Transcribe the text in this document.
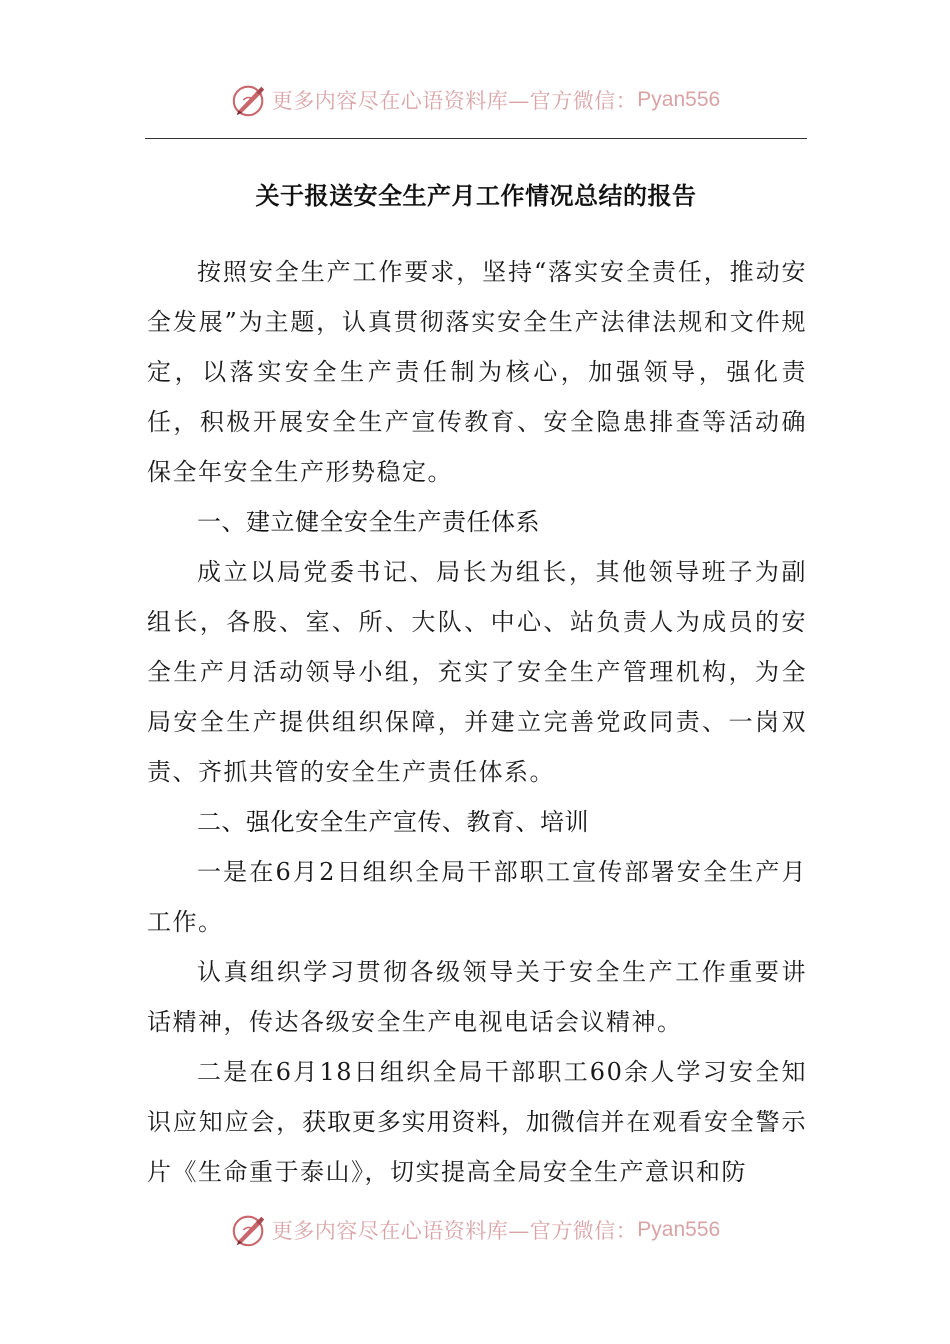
更多内容尽在心语资料库—官方微信： Pyan556
关于报送安全生产月工作情况总结的报告

按照安全生产工作要求，坚持“落实安全责任，推动安全发展”为主题，认真贯彻落实安全生产法律法规和文件规定，以落实安全生产责任制为核心，加强领导，强化责任，积极开展安全生产宣传教育、安全隐患排查等活动确保全年安全生产形势稳定。

一、建立健全安全生产责任体系

成立以局党委书记、局长为组长，其他领导班子为副组长，各股、室、所、大队、中心、站负责人为成员的安全生产月活动领导小组，充实了安全生产管理机构，为全局安全生产提供组织保障，并建立完善党政同责、一岗双责、齐抓共管的安全生产责任体系。

二、强化安全生产宣传、教育、培训

一是在6月2日组织全局干部职工宣传部署安全生产月工作。

认真组织学习贯彻各级领导关于安全生产工作重要讲话精神，传达各级安全生产电视电话会议精神。

二是在6月18日组织全局干部职工60余人学习安全知识应知应会，获取更多实用资料，加微信并在观看安全警示片《生命重于泰山》，切实提高全局安全生产意识和防

更多内容尽在心语资料库—官方微信： Pyan556
